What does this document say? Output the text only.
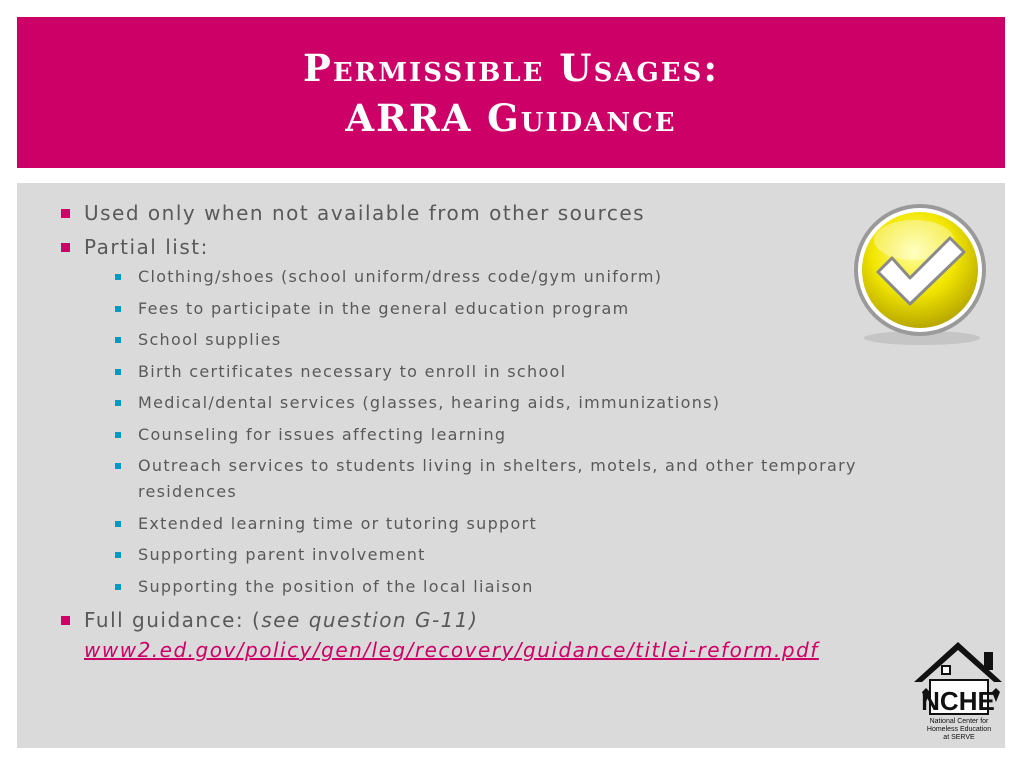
Permissible Usages:
ARRA Guidance
Used only when not available from other sources
Partial list:
Clothing/shoes (school uniform/dress code/gym uniform)
Fees to participate in the general education program
School supplies
Birth certificates necessary to enroll in school
Medical/dental services (glasses, hearing aids, immunizations)
Counseling for issues affecting learning
Outreach services to students living in shelters, motels, and other temporary residences
Extended learning time or tutoring support
Supporting parent involvement
Supporting the position of the local liaison
Full guidance: (see question G-11)
www2.ed.gov/policy/gen/leg/recovery/guidance/titlei-reform.pdf
NCHE
National Center for
Homeless Education
at SERVE
